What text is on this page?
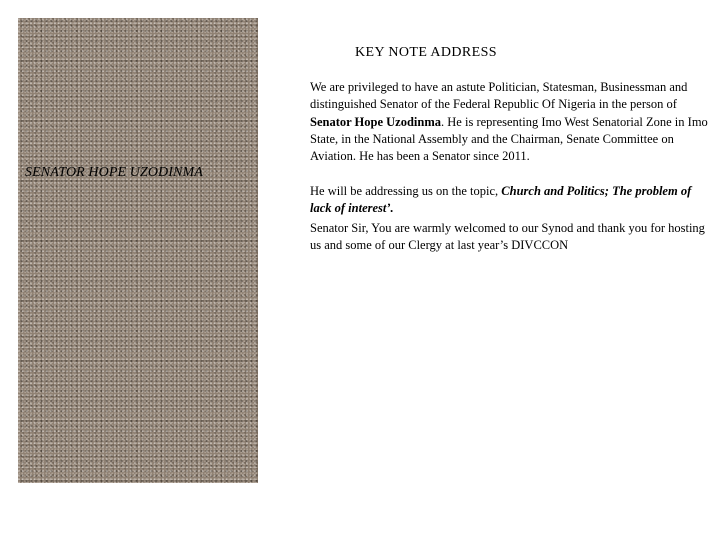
SENATOR HOPE UZODINMA
KEY NOTE ADDRESS
We are privileged to have an astute Politician, Statesman, Businessman and distinguished Senator of the Federal Republic Of Nigeria in the person of Senator Hope Uzodinma. He is representing Imo West Senatorial Zone in Imo State, in the National Assembly and the Chairman, Senate Committee on Aviation. He has been a Senator since 2011.
He will be addressing us on the topic, Church and Politics; The problem of lack of interest’.
Senator Sir, You are warmly welcomed to our Synod and thank you for hosting us and some of our Clergy at last year’s DIVCCON
